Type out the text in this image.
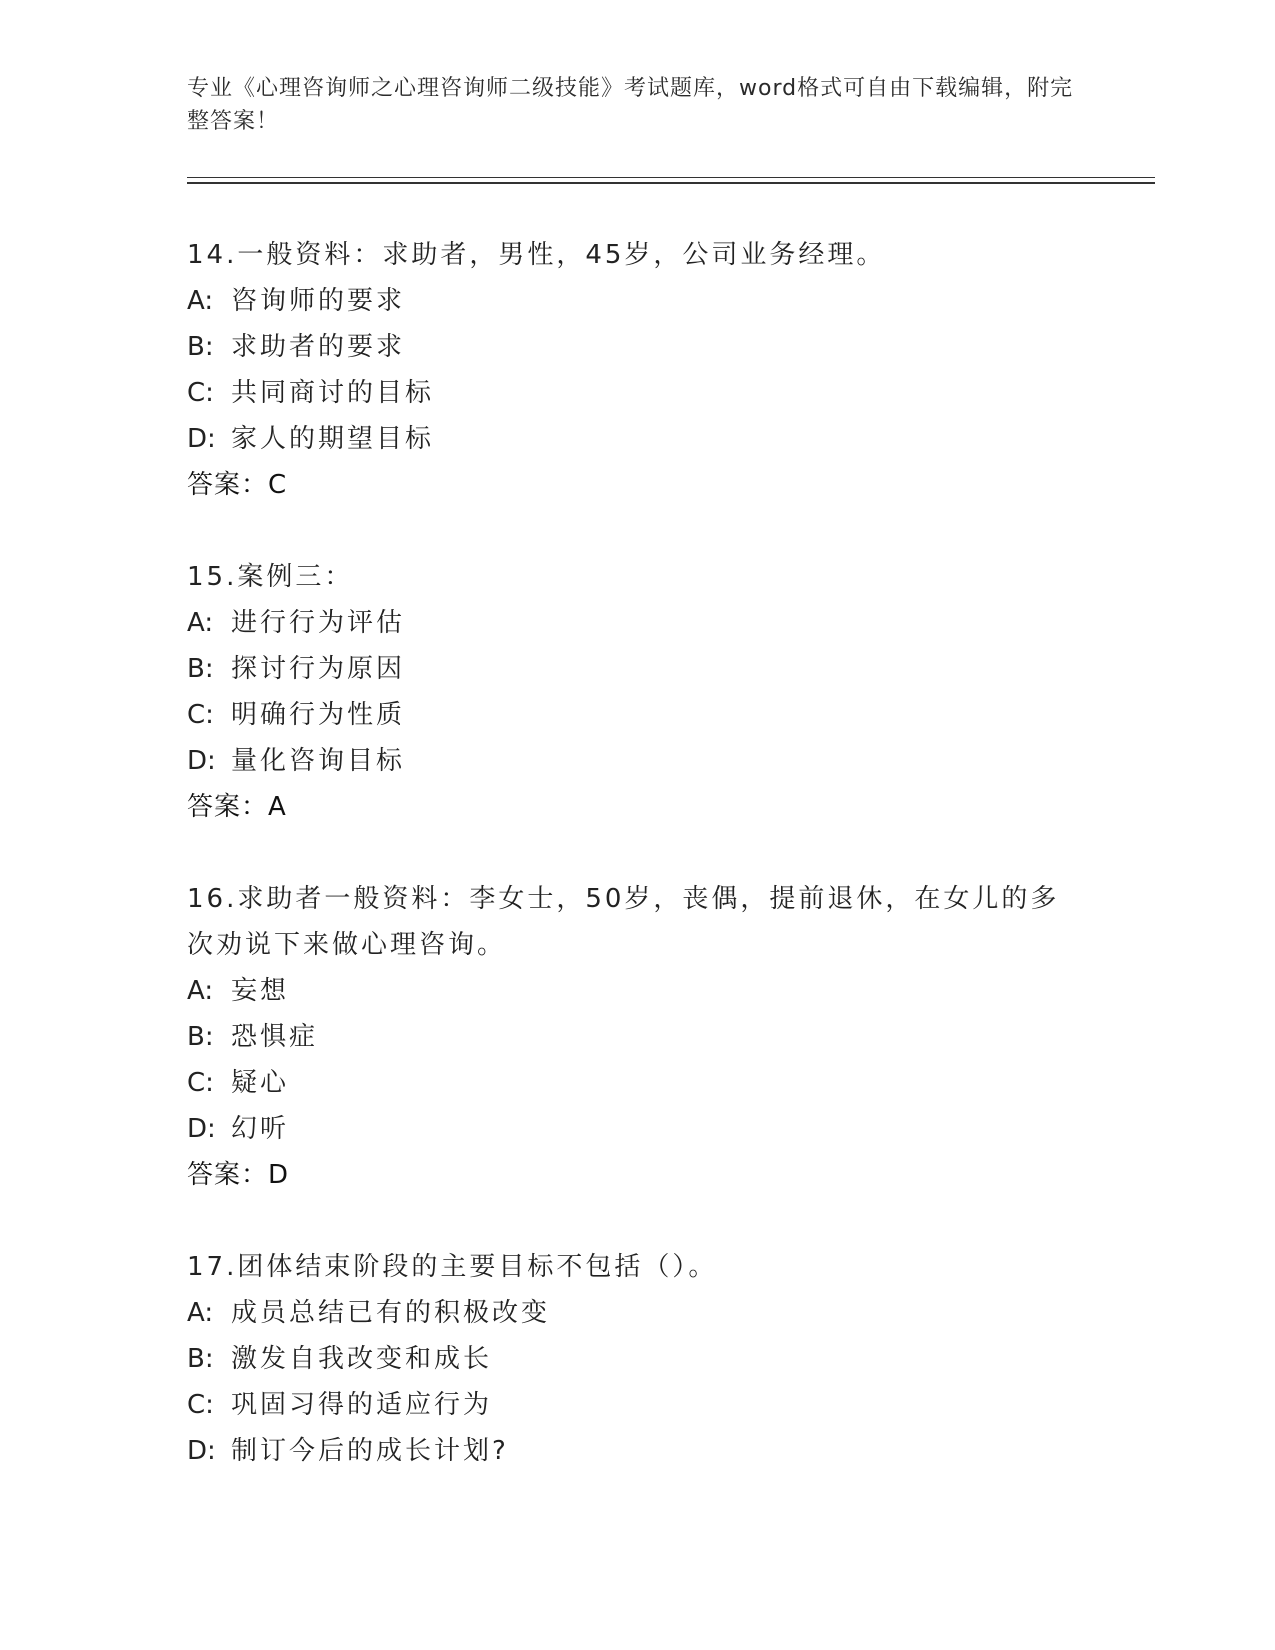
专业《心理咨询师之心理咨询师二级技能》考试题库，word格式可自由下载编辑，附完整答案！
14.一般资料：求助者，男性，45岁，公司业务经理。
A: 咨询师的要求
B: 求助者的要求
C: 共同商讨的目标
D: 家人的期望目标
答案：C
15.案例三：
A: 进行行为评估
B: 探讨行为原因
C: 明确行为性质
D: 量化咨询目标
答案：A
16.求助者一般资料：李女士，50岁，丧偶，提前退休，在女儿的多次劝说下来做心理咨询。
A: 妄想
B: 恐惧症
C: 疑心
D: 幻听
答案：D
17.团体结束阶段的主要目标不包括（）。
A: 成员总结已有的积极改变
B: 激发自我改变和成长
C: 巩固习得的适应行为
D: 制订今后的成长计划?
